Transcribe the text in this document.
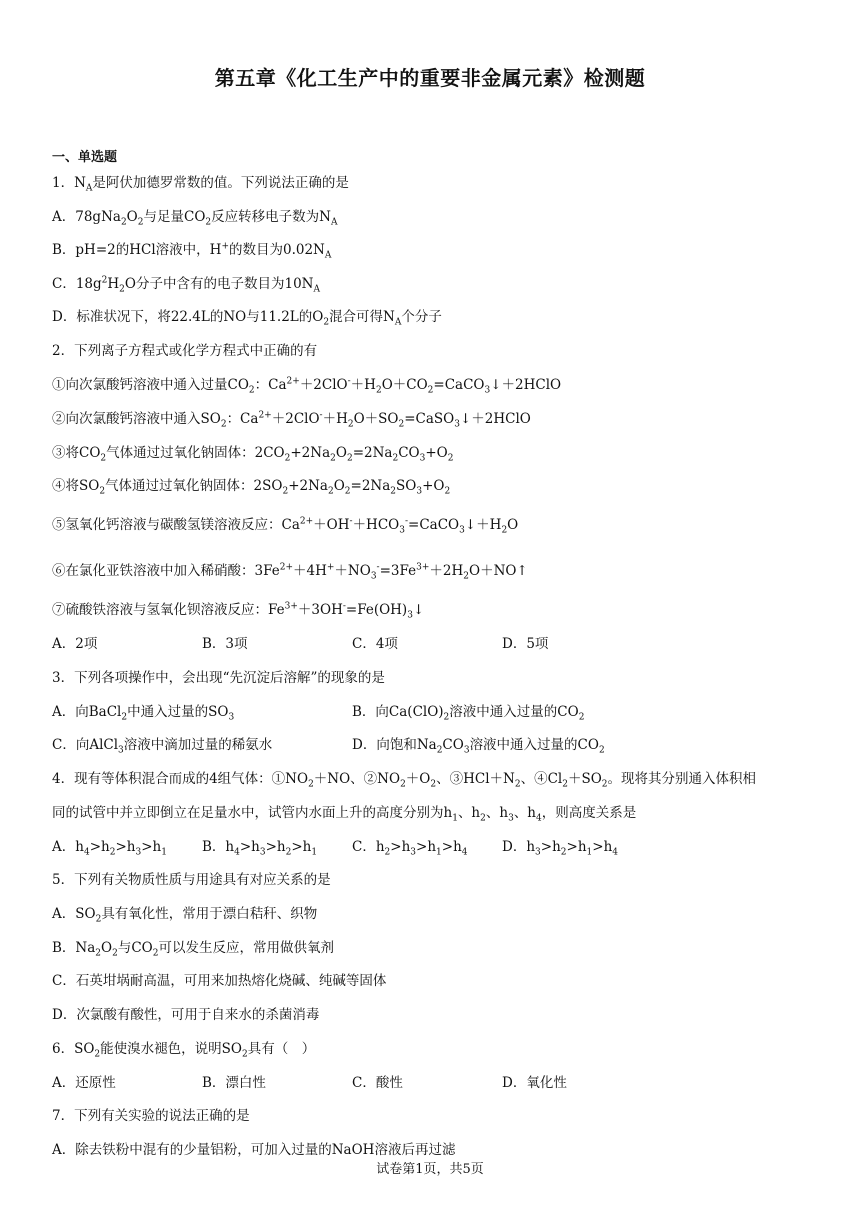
第五章《化工生产中的重要非金属元素》检测题
一、单选题
1．$N_A$是阿伏加德罗常数的值。下列说法正确的是
A．$78gNa_2O_2$与足量$CO_2$反应转移电子数为$N_A$
B．pH=2的HCl溶液中，H+的数目为$0.02N_A$
C．$18g^2H_2O$分子中含有的电子数目为$10N_A$
D．标准状况下，将22.4L的NO与11.2L的$O_2$混合可得$N_A$个分子
2．下列离子方程式或化学方程式中正确的有
①向次氯酸钙溶液中通入过量$CO_2$：$Ca^{2+}+2ClO^-+H_2O+CO_2=CaCO_3↓+2HClO$
②向次氯酸钙溶液中通入$SO_2$：$Ca^{2+}+2ClO^-+H_2O+SO_2=CaSO_3↓+2HClO$
③将$CO_2$气体通过过氧化钠固体：$2CO_2+2Na_2O_2=2Na_2CO_3+O_2$
④将$SO_2$气体通过过氧化钠固体：$2SO_2+2Na_2O_2=2Na_2SO_3+O_2$
⑤氢氧化钙溶液与碳酸氢镁溶液反应：$Ca^{2+}+OH^-+HCO_3^-=CaCO_3↓+H_2O$
⑥在氯化亚铁溶液中加入稀硝酸：$3Fe^{2+}+4H^++NO_3^-=3Fe^{3+}+2H_2O+NO↑$
⑦硫酸铁溶液与氢氧化钡溶液反应：$Fe^{3+}+3OH^-=Fe(OH)_3↓$
A．2项	B．3项	C．4项	D．5项
3．下列各项操作中，会出现“先沉淀后溶解”的现象的是
A．向BaCl$_2$中通入过量的$SO_3$	B．向$Ca(ClO)_2$溶液中通入过量的$CO_2$
C．向AlCl$_3$溶液中滴加过量的稀氨水	D．向饱和$Na_2CO_3$溶液中通入过量的$CO_2$
4．现有等体积混合而成的4组气体：$①NO_2+NO$、$②NO_2+O_2$、$③HCl+N_2$、$④Cl_2+SO_2$。现将其分别通入体积相
同的试管中并立即倒立在足量水中，试管内水面上升的高度分别为$h_1$、$h_2$、$h_3$、$h_4$，则高度关系是
A．$h_4>h_2>h_3>h_1$	B．$h_4>h_3>h_2>h_1$	C．$h_2>h_3>h_1>h_4$	D．$h_3>h_2>h_1>h_4$
5．下列有关物质性质与用途具有对应关系的是
A．$SO_2$具有氧化性，常用于漂白秸秆、织物
B．$Na_2O_2$与$CO_2$可以发生反应，常用做供氧剂
C．石英坩埚耐高温，可用来加热熔化烧碱、纯碱等固体
D．次氯酸有酸性，可用于自来水的杀菌消毒
6．$SO_2$能使溴水褪色，说明$SO_2$具有（　）
A．还原性	B．漂白性	C．酸性	D．氧化性
7．下列有关实验的说法正确的是
A．除去铁粉中混有的少量铝粉，可加入过量的NaOH溶液后再过滤
试卷第1页，共5页
